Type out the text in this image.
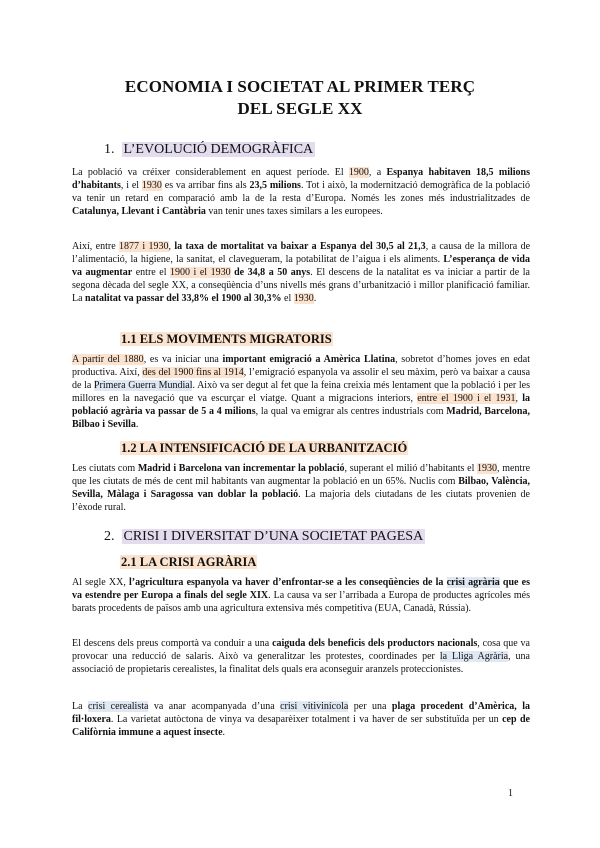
ECONOMIA I SOCIETAT AL PRIMER TERÇ
DEL SEGLE XX
1. L’EVOLUCIÓ DEMOGRÀFICA

La població va créixer considerablement en aquest període. El 1900, a Espanya habitaven 18,5 milions d’habitants, i el 1930 es va arribar fins als 23,5 milions. Tot i això, la modernització demogràfica de la població va tenir un retard en comparació amb la de la resta d’Europa. Només les zones més industrialitzades de Catalunya, Llevant i Cantàbria van tenir unes taxes similars a les europees.

Així, entre 1877 i 1930, la taxa de mortalitat va baixar a Espanya del 30,5 al 21,3, a causa de la millora de l’alimentació, la higiene, la sanitat, el clavegueram, la potabilitat de l’aigua i els aliments. L’esperança de vida va augmentar entre el 1900 i el 1930 de 34,8 a 50 anys. El descens de la natalitat es va iniciar a partir de la segona dècada del segle XX, a conseqüència d’uns nivells més grans d’urbanització i millor planificació familiar. La natalitat va passar del 33,8% el 1900 al 30,3% el 1930.

1.1 ELS MOVIMENTS MIGRATORIS

A partir del 1880, es va iniciar una important emigració a Amèrica Llatina, sobretot d’homes joves en edat productiva. Així, des del 1900 fins al 1914, l’emigració espanyola va assolir el seu màxim, però va baixar a causa de la Primera Guerra Mundial. Això va ser degut al fet que la feina creixia més lentament que la població i per les millores en la navegació que va escurçar el viatge. Quant a migracions interiors, entre el 1900 i el 1931, la població agrària va passar de 5 a 4 milions, la qual va emigrar als centres industrials com Madrid, Barcelona, Bilbao i Sevilla.

1.2 LA INTENSIFICACIÓ DE LA URBANITZACIÓ

Les ciutats com Madrid i Barcelona van incrementar la població, superant el milió d’habitants el 1930, mentre que les ciutats de més de cent mil habitants van augmentar la població en un 65%. Nuclis com Bilbao, València, Sevilla, Màlaga i Saragossa van doblar la població. La majoria dels ciutadans de les ciutats provenien de l’èxode rural.

2. CRISI I DIVERSITAT D’UNA SOCIETAT PAGESA
2.1 LA CRISI AGRÀRIA

Al segle XX, l’agricultura espanyola va haver d’enfrontar-se a les conseqüències de la crisi agrària que es va estendre per Europa a finals del segle XIX. La causa va ser l’arribada a Europa de productes agrícoles més barats procedents de països amb una agricultura extensiva més competitiva (EUA, Canadà, Rússia).

El descens dels preus comportà va conduir a una caiguda dels beneficis dels productors nacionals, cosa que va provocar una reducció de salaris. Això va generalitzar les protestes, coordinades per la Lliga Agrària, una associació de propietaris cerealistes, la finalitat dels quals era aconseguir aranzels proteccionistes.

La crisi cerealista va anar acompanyada d’una crisi vitivinícola per una plaga procedent d’Amèrica, la fil·loxera. La varietat autòctona de vinya va desaparèixer totalment i va haver de ser substituïda per un cep de Califòrnia immune a aquest insecte.

1
